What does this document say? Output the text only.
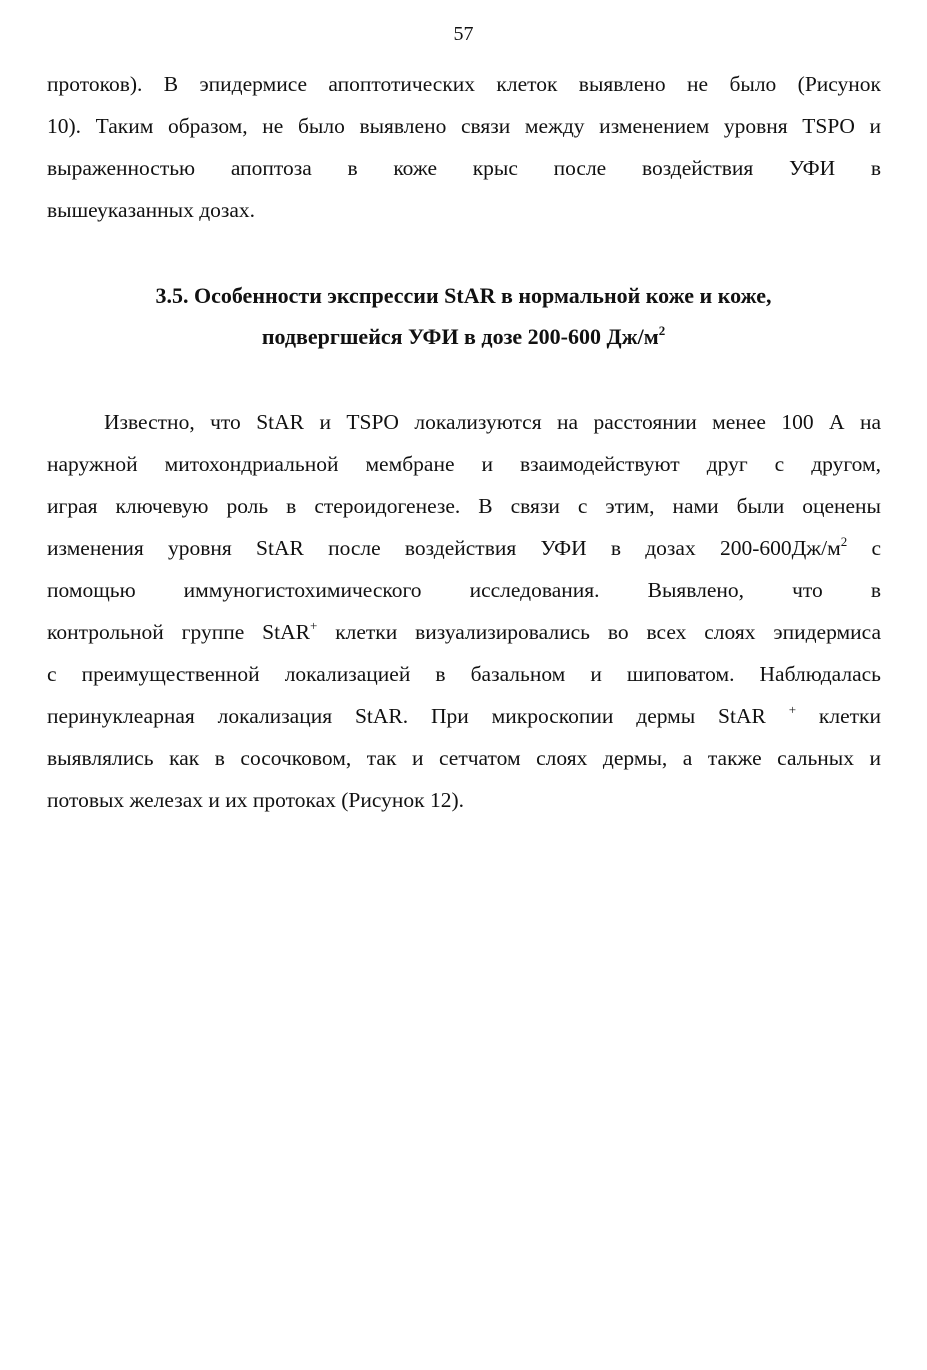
57
протоков). В эпидермисе апоптотических клеток выявлено не было (Рисунок
10). Таким образом, не было выявлено связи между изменением уровня TSPO и
выраженностью апоптоза в коже крыс после воздействия УФИ в
вышеуказанных дозах.
3.5. Особенности экспрессии StAR в нормальной коже и коже,
подвергшейся УФИ в дозе 200-600 $Дж/м^2$
Известно, что StAR и TSPO локализуются на расстоянии менее 100 А на
наружной митохондриальной мембране и взаимодействуют друг с другом,
играя ключевую роль в стероидогенезе. В связи с этим, нами были оценены
изменения уровня StAR после воздействия УФИ в дозах $200-600Дж/м^2$ с
помощью иммуногистохимического исследования. Выявлено, что в
контрольной группе StAR+ клетки визуализировались во всех слоях эпидермиса
с преимущественной локализацией в базальном и шиповатом. Наблюдалась
перинуклеарная локализация StAR. При микроскопии дермы StAR + клетки
выявлялись как в сосочковом, так и сетчатом слоях дермы, а также сальных и
потовых железах и их протоках (Рисунок 12).
